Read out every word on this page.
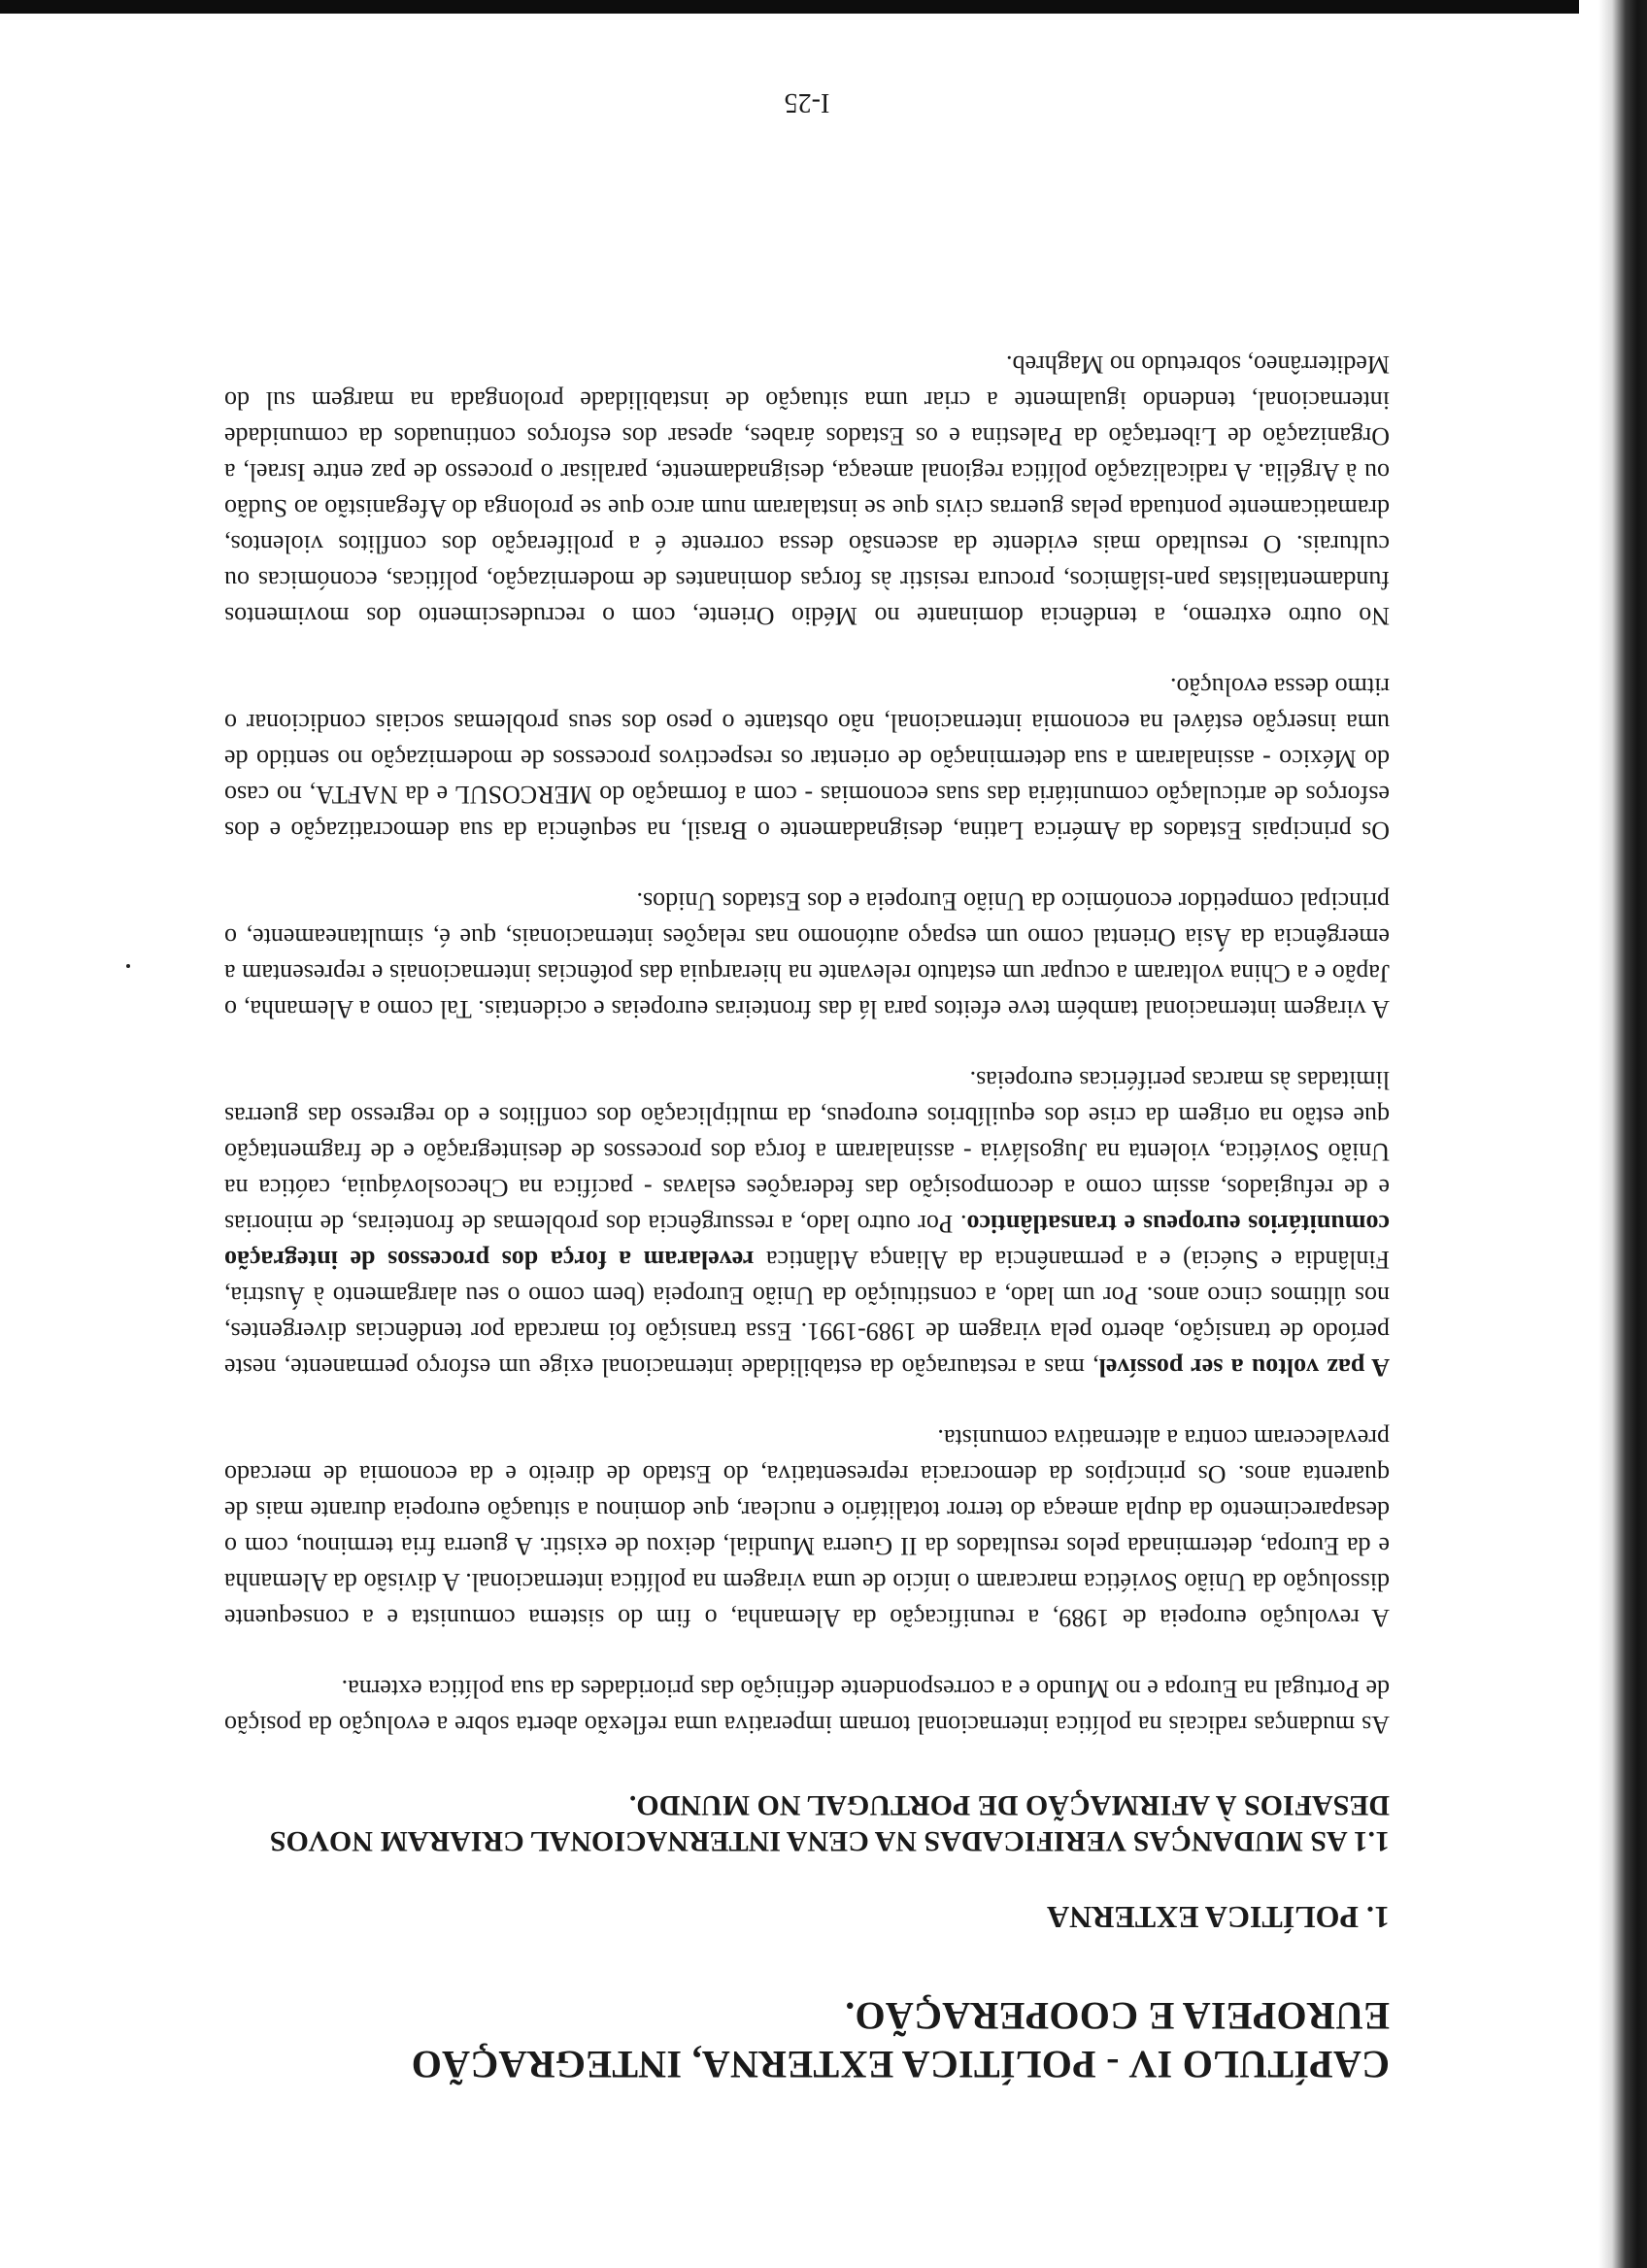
CAPÍTULO IV - POLÍTICA EXTERNA, INTEGRAÇÃO EUROPEIA E COOPERAÇÃO.
1. POLÍTICA EXTERNA
1.1 AS MUDANÇAS VERIFICADAS NA CENA INTERNACIONAL CRIARAM NOVOS DESAFIOS À AFIRMAÇÃO DE PORTUGAL NO MUNDO.

As mudanças radicais na política internacional tornam imperativa uma reflexão aberta sobre a evolução da posição de Portugal na Europa e no Mundo e a correspondente definição das prioridades da sua política externa.

A revolução europeia de 1989, a reunificação da Alemanha, o fim do sistema comunista e a consequente dissolução da União Soviética marcaram o início de uma viragem na política internacional. A divisão da Alemanha e da Europa, determinada pelos resultados da II Guerra Mundial, deixou de existir. A guerra fria terminou, com o desaparecimento da dupla ameaça do terror totalitário e nuclear, que dominou a situação europeia durante mais de quarenta anos. Os princípios da democracia representativa, do Estado de direito e da economia de mercado prevaleceram contra a alternativa comunista.

A paz voltou a ser possível, mas a restauração da estabilidade internacional exige um esforço permanente, neste período de transição, aberto pela viragem de 1989-1991. Essa transição foi marcada por tendências divergentes, nos últimos cinco anos. Por um lado, a constituição da União Europeia (bem como o seu alargamento à Áustria, Finlândia e Suécia) e a permanência da Aliança Atlântica revelaram a força dos processos de integração comunitários europeus e transatlântico. Por outro lado, a ressurgência dos problemas de fronteiras, de minorias e de refugiados, assim como a decomposição das federações eslavas - pacífica na Checoslováquia, caótica na União Soviética, violenta na Jugoslávia - assinalaram a força dos processos de desintegração e de fragmentação que estão na origem da crise dos equilíbrios europeus, da multiplicação dos conflitos e do regresso das guerras limitadas às marcas periféricas europeias.

A viragem internacional também teve efeitos para lá das fronteiras europeias e ocidentais. Tal como a Alemanha, o Japão e a China voltaram a ocupar um estatuto relevante na hierarquia das potências internacionais e representam a emergência da Ásia Oriental como um espaço autónomo nas relações internacionais, que é, simultaneamente, o principal competidor económico da União Europeia e dos Estados Unidos.

Os principais Estados da América Latina, designadamente o Brasil, na sequência da sua democratização e dos esforços de articulação comunitária das suas economias - com a formação do MERCOSUL e da NAFTA, no caso do México - assinalaram a sua determinação de orientar os respectivos processos de modernização no sentido de uma inserção estável na economia internacional, não obstante o peso dos seus problemas sociais condicionar o ritmo dessa evolução.

No outro extremo, a tendência dominante no Médio Oriente, com o recrudescimento dos movimentos fundamentalistas pan-islâmicos, procura resistir às forças dominantes de modernização, políticas, económicas ou culturais. O resultado mais evidente da ascensão dessa corrente é a proliferação dos conflitos violentos, dramaticamente pontuada pelas guerras civis que se instalaram num arco que se prolonga do Afeganistão ao Sudão ou à Argélia. A radicalização política regional ameaça, designadamente, paralisar o processo de paz entre Israel, a Organização de Libertação da Palestina e os Estados árabes, apesar dos esforços continuados da comunidade internacional, tendendo igualmente a criar uma situação de instabilidade prolongada na margem sul do Mediterrâneo, sobretudo no Maghreb.

I-25
